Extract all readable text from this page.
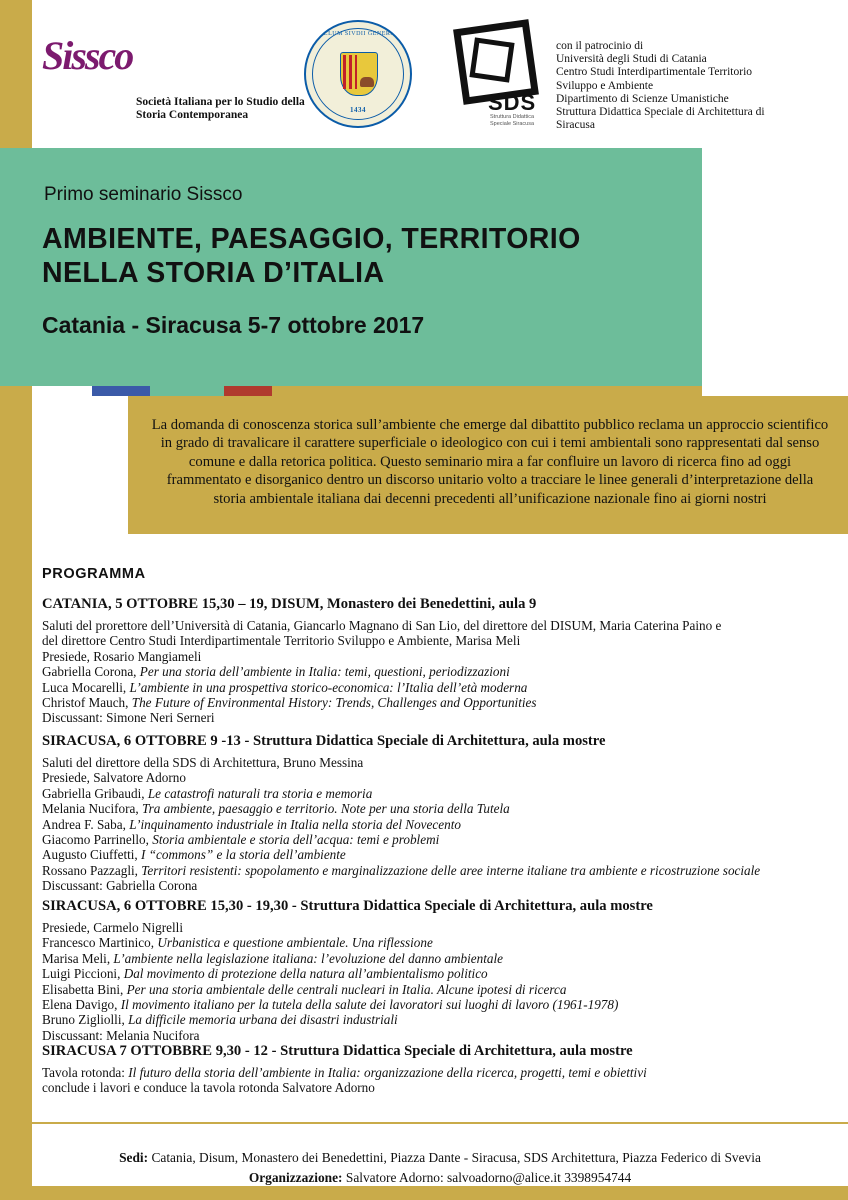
Sissco
Società Italiana per lo Studio della Storia Contemporanea
SIGILLUM SIVDII GENERALIS
1434	SDS
Struttura Didattica Speciale Siracusa
con il patrocinio di
Università degli Studi di Catania
Centro Studi Interdipartimentale Territorio
Sviluppo e Ambiente
Dipartimento di Scienze Umanistiche
Struttura Didattica Speciale di Architettura di
Siracusa
Primo seminario Sissco
AMBIENTE, PAESAGGIO, TERRITORIO
NELLA STORIA D’ITALIA
Catania - Siracusa 5-7 ottobre 2017

La domanda di conoscenza storica sull’ambiente che emerge dal dibattito pubblico reclama un approccio scientifico in grado di travalicare il carattere superficiale o ideologico con cui i temi ambientali sono rappresentati dal senso comune e dalla retorica politica. Questo seminario mira a far confluire un lavoro di ricerca fino ad oggi frammentato e disorganico dentro un discorso unitario volto a tracciare le linee generali d’interpretazione della storia ambientale italiana dai decenni precedenti all’unificazione nazionale fino ai giorni nostri

PROGRAMMA
CATANIA, 5 OTTOBRE 15,30 – 19, DISUM, Monastero dei Benedettini, aula 9
Saluti del prorettore dell’Università di Catania, Giancarlo Magnano di San Lio, del direttore del DISUM, Maria Caterina Paino e
del direttore Centro Studi Interdipartimentale Territorio Sviluppo e Ambiente, Marisa Meli
Presiede, Rosario Mangiameli
Gabriella Corona, Per una storia dell’ambiente in Italia: temi, questioni, periodizzazioni
Luca Mocarelli, L’ambiente in una prospettiva storico-economica: l’Italia dell’età moderna
Christof Mauch, The Future of Environmental History: Trends, Challenges and Opportunities
Discussant: Simone Neri Serneri
SIRACUSA, 6 OTTOBRE 9 -13 - Struttura Didattica Speciale di Architettura, aula mostre
Saluti del direttore della SDS di Architettura, Bruno Messina
Presiede, Salvatore Adorno
Gabriella Gribaudi, Le catastrofi naturali tra storia e memoria
Melania Nucifora, Tra ambiente, paesaggio e territorio. Note per una storia della Tutela
Andrea F. Saba, L’inquinamento industriale in Italia nella storia del Novecento
Giacomo Parrinello, Storia ambientale e storia dell’acqua: temi e problemi
Augusto Ciuffetti, I “commons” e la storia dell’ambiente
Rossano Pazzagli, Territori resistenti: spopolamento e marginalizzazione delle aree interne italiane tra ambiente e ricostruzione sociale
Discussant: Gabriella Corona
SIRACUSA, 6 OTTOBRE 15,30 - 19,30 - Struttura Didattica Speciale di Architettura, aula mostre
Presiede, Carmelo Nigrelli
Francesco Martinico, Urbanistica e questione ambientale. Una riflessione
Marisa Meli, L’ambiente nella legislazione italiana: l’evoluzione del danno ambientale
Luigi Piccioni, Dal movimento di protezione della natura all’ambientalismo politico
Elisabetta Bini, Per una storia ambientale delle centrali nucleari in Italia. Alcune ipotesi di ricerca
Elena Davigo, Il movimento italiano per la tutela della salute dei lavoratori sui luoghi di lavoro (1961-1978)
Bruno Zigliolli, La difficile memoria urbana dei disastri industriali
Discussant: Melania Nucifora
SIRACUSA 7 OTTOBBRE 9,30 - 12 - Struttura Didattica Speciale di Architettura, aula mostre
Tavola rotonda: Il futuro della storia dell’ambiente in Italia: organizzazione della ricerca, progetti, temi e obiettivi
conclude i lavori e conduce la tavola rotonda Salvatore Adorno
Sedi: Catania, Disum, Monastero dei Benedettini, Piazza Dante - Siracusa, SDS Architettura, Piazza Federico di Svevia
Organizzazione: Salvatore Adorno: salvoadorno@alice.it 3398954744
